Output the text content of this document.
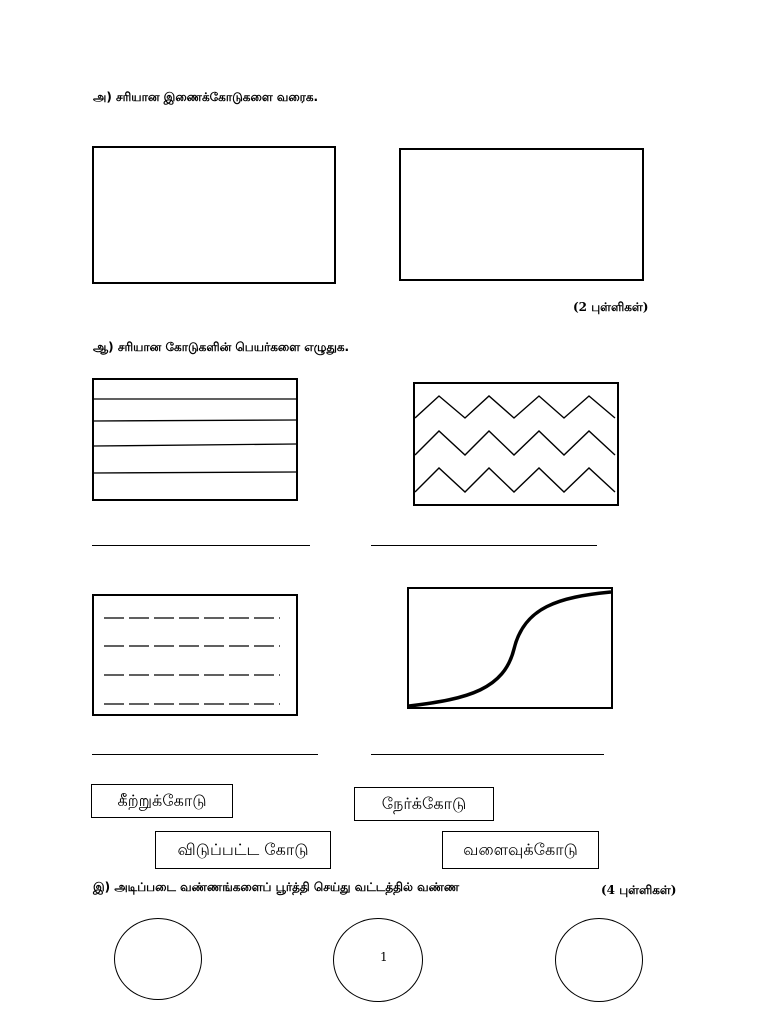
அ) சரியான இணைக்கோடுகளை வரைக.
(2 புள்ளிகள்)
ஆ) சரியான கோடுகளின் பெயர்களை எழுதுக.
கீற்றுக்கோடு	நேர்க்கோடு
விடுப்பட்ட கோடு	வளைவுக்கோடு
இ) அடிப்படை வண்ணங்களைப் பூர்த்தி செய்து வட்டத்தில் வண்ண	(4 புள்ளிகள்)
1
